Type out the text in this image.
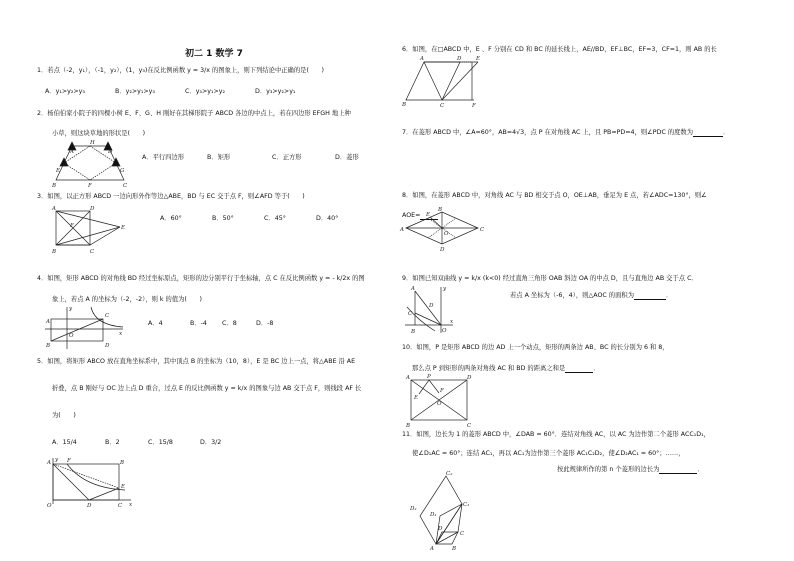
初二 1 数学 7
1．若点（-2，y₁），（-1，y₂），(1，y₃)在反比例函数 y = 3/x 的图象上，则下列结论中正确的是(　　)
A．y₁>y₂>y₃	B．y₂>y₁>y₃	C．y₃>y₁>y₂	D．y₃>y₂>y₁
2．杨伯伯家小院子的四棵小树 E、F、G、H 刚好在其梯形院子 ABCD 各边的中点上，若在四边形 EFGH 地上种
小草，则这块草地的形状是(　　)
A
B	C
D
E
F
G
H
A．平行四边形	B．矩形	C．正方形	D．菱形
3．如图，以正方形 ABCD 一边向形外作等边△ABE，BD 与 EC 交于点 F，则∠AFD 等于(　　)
A
B	C
D
E
F
A．60°	B．50°	C．45°	D．40°
4．如图，矩形 ABCD 的对角线 BD 经过坐标原点，矩形的边分别平行于坐标轴，点 C 在反比例函数 y = - k/2x 的图
象上，若点 A 的坐标为（-2，-2），则 k 的值为(　　)
A
B
C
D
O	x
y
A．4	B．-4 C．8	D．-8
5．如图，将矩形 ABCO 放在直角坐标系中，其中顶点 B 的坐标为（10，8），E 是 BC 边上一点，将△ABE 沿 AE
折叠，点 B 刚好与 OC 边上点 D 重合，过点 E 的反比例函数 y = k/x 的图象与边 AB 交于点 F，则线段 AF 长
为(　　)
A．15/4	B．2	C．15/8	D．3/2
A	B
C
D
E
F
O	x
y
6．如图，在□ABCD 中，E 、F 分别在 CD 和 BC 的延长线上，AE//BD，EF⊥BC，EF=3，CF=1，则 AB 的长
A	D
B	C
E
F
7．在菱形 ABCD 中，∠A=60°，AB=4√3，点 P 在对角线 AC 上，且 PB=PD=4，则∠PDC 的度数为	．
8．如图，在菱形 ABCD 中，对角线 AC 与 BD 相交于点 O，OE⊥AB，垂足为 E 点，若∠ADC=130°，则∠
AOE=
A
B
C
D
E
O
9．如图已知双曲线 y = k/x (k<0) 经过直角三角形 OAB 斜边 OA 的中点 D，且与直角边 AB 交于点 C．
若点 A 坐标为（-6，4），则△AOC 的面积为	．
A
B
C
D
O
x
y
10．如图，P 是矩形 ABCD 的边 AD 上一个动点，矩形的两条边 AB、BC 的长分别为 6 和 8，
那么点 P 到矩形的两条对角线 AC 和 BD 的距离之和是	．
A
B	C
D
P
E
F
O
11．如图，边长为 1 的菱形 ABCD 中，∠DAB = 60°．连结对角线 AC，以 AC 为边作第二个菱形 ACC₁D₁，
使∠D₁AC = 60°；连结 AC₁，再以 AC₁为边作第三个菱形 AC₁C₂D₂，使∠D₂AC₁ = 60°；……，
按此规律所作的第 n 个菱形的边长为	．
A	B
C
D
C₁
D₁
C₂
D₂
